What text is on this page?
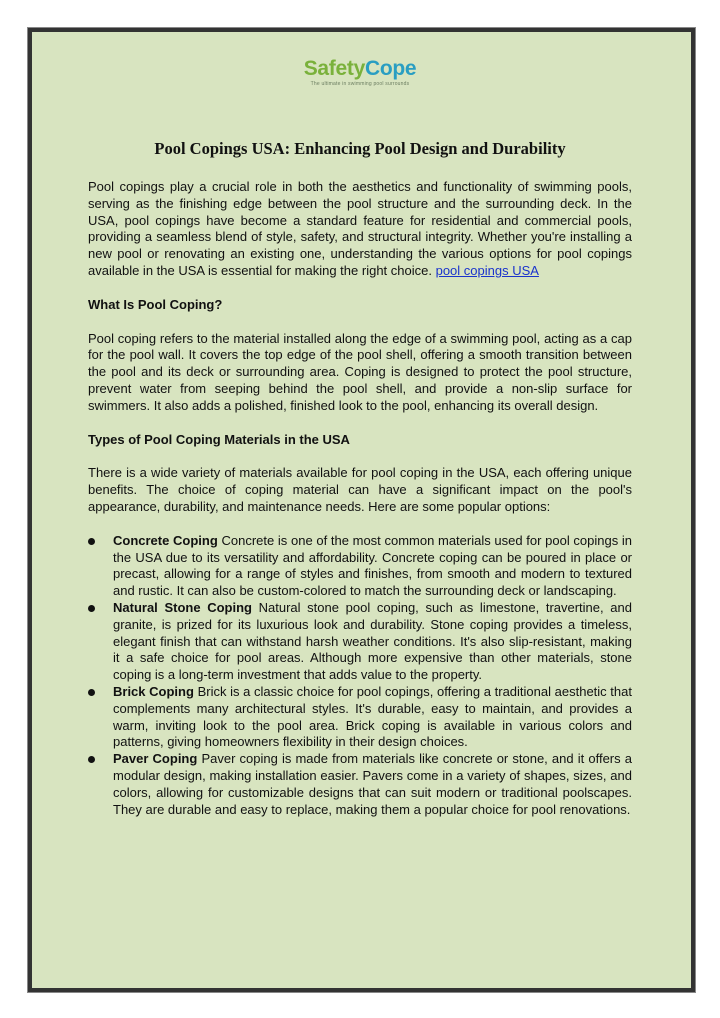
SafetyCope
The ultimate in swimming pool surrounds
Pool Copings USA: Enhancing Pool Design and Durability

Pool copings play a crucial role in both the aesthetics and functionality of swimming pools, serving as the finishing edge between the pool structure and the surrounding deck. In the USA, pool copings have become a standard feature for residential and commercial pools, providing a seamless blend of style, safety, and structural integrity. Whether you're installing a new pool or renovating an existing one, understanding the various options for pool copings available in the USA is essential for making the right choice. pool copings USA

What Is Pool Coping?

Pool coping refers to the material installed along the edge of a swimming pool, acting as a cap for the pool wall. It covers the top edge of the pool shell, offering a smooth transition between the pool and its deck or surrounding area. Coping is designed to protect the pool structure, prevent water from seeping behind the pool shell, and provide a non-slip surface for swimmers. It also adds a polished, finished look to the pool, enhancing its overall design.

Types of Pool Coping Materials in the USA

There is a wide variety of materials available for pool coping in the USA, each offering unique benefits. The choice of coping material can have a significant impact on the pool's appearance, durability, and maintenance needs. Here are some popular options:

Concrete Coping Concrete is one of the most common materials used for pool copings in the USA due to its versatility and affordability. Concrete coping can be poured in place or precast, allowing for a range of styles and finishes, from smooth and modern to textured and rustic. It can also be custom-colored to match the surrounding deck or landscaping.
Natural Stone Coping Natural stone pool coping, such as limestone, travertine, and granite, is prized for its luxurious look and durability. Stone coping provides a timeless, elegant finish that can withstand harsh weather conditions. It's also slip-resistant, making it a safe choice for pool areas. Although more expensive than other materials, stone coping is a long-term investment that adds value to the property.
Brick Coping Brick is a classic choice for pool copings, offering a traditional aesthetic that complements many architectural styles. It's durable, easy to maintain, and provides a warm, inviting look to the pool area. Brick coping is available in various colors and patterns, giving homeowners flexibility in their design choices.
Paver Coping Paver coping is made from materials like concrete or stone, and it offers a modular design, making installation easier. Pavers come in a variety of shapes, sizes, and colors, allowing for customizable designs that can suit modern or traditional poolscapes. They are durable and easy to replace, making them a popular choice for pool renovations.
